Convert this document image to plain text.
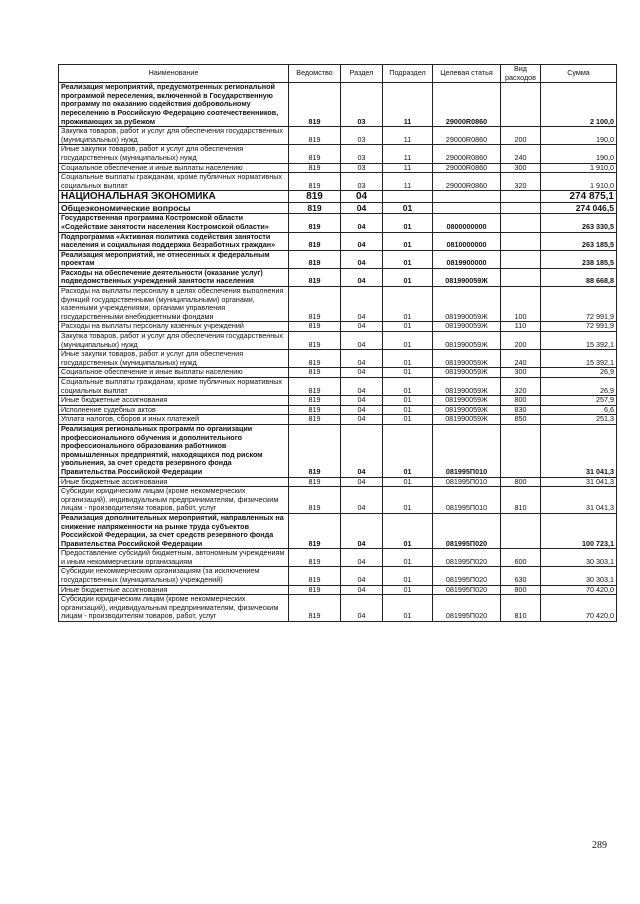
Наименование	Ведомство	Раздел	Подраздел	Целевая статья	Вид расходов	Сумма
Реализация мероприятий, предусмотренных региональной программой переселения, включенной в Государственную программу по оказанию содействия добровольному переселению в Российскую Федерацию соотечественников, проживающих за рубежом	819	03	11	29000R0860		2 100,0
Закупка товаров, работ и услуг для обеспечения государственных (муниципальных) нужд	819	03	11	29000R0860	200	190,0
Иные закупки товаров, работ и услуг для обеспечения государственных (муниципальных) нужд	819	03	11	29000R0860	240	190,0
Социальное обеспечение и иные выплаты населению	819	03	11	29000R0860	300	1 910,0
Социальные выплаты гражданам, кроме публичных нормативных социальных выплат	819	03	11	29000R0860	320	1 910,0
НАЦИОНАЛЬНАЯ ЭКОНОМИКА	819	04				274 875,1
Общеэкономические вопросы	819	04	01			274 046,5
Государственная программа Костромской области «Содействие занятости населения Костромской области»	819	04	01	0800000000		263 330,5
Подпрограмма «Активная политика содействия занятости населения и социальная поддержка безработных граждан»	819	04	01	0810000000		263 185,5
Реализация мероприятий, не отнесенных к федеральным проектам	819	04	01	0819900000		238 185,5
Расходы на обеспечение деятельности (оказание услуг) подведомственных учреждений занятости населения	819	04	01	081990059Ж		88 668,8
Расходы на выплаты персоналу в целях обеспечения выполнения функций государственными (муниципальными) органами, казенными учреждениями, органами управления государственными внебюджетными фондами	819	04	01	081990059Ж	100	72 991,9
Расходы на выплаты персоналу казенных учреждений	819	04	01	081990059Ж	110	72 991,9
Закупка товаров, работ и услуг для обеспечения государственных (муниципальных) нужд	819	04	01	081990059Ж	200	15 392,1
Иные закупки товаров, работ и услуг для обеспечения государственных (муниципальных) нужд	819	04	01	081990059Ж	240	15 392,1
Социальное обеспечение и иные выплаты населению	819	04	01	081990059Ж	300	26,9
Социальные выплаты гражданам, кроме публичных нормативных социальных выплат	819	04	01	081990059Ж	320	26,9
Иные бюджетные ассигнования	819	04	01	081990059Ж	800	257,9
Исполнение судебных актов	819	04	01	081990059Ж	830	6,6
Уплата налогов, сборов и иных платежей	819	04	01	081990059Ж	850	251,3
Реализация региональных программ по организации профессионального обучения и дополнительного профессионального образования работников промышленных предприятий, находящихся под риском увольнения, за счет средств резервного фонда Правительства Российской Федерации	819	04	01	081995П010		31 041,3
Иные бюджетные ассигнования	819	04	01	081995П010	800	31 041,3
Субсидии юридическим лицам (кроме некоммерческих организаций), индивидуальным предпринимателям, физическим лицам - производителям товаров, работ, услуг	819	04	01	081995П010	810	31 041,3
Реализация дополнительных мероприятий, направленных на снижение напряженности на рынке труда субъектов Российской Федерации, за счет средств резервного фонда Правительства Российской Федерации	819	04	01	081995П020		100 723,1
Предоставление субсидий бюджетным, автономным учреждениям и иным некоммерческим организациям	819	04	01	081995П020	600	30 303,1
Субсидии некоммерческим организациям (за исключением государственных (муниципальных) учреждений)	819	04	01	081995П020	630	30 303,1
Иные бюджетные ассигнования	819	04	01	081995П020	800	70 420,0
Субсидии юридическим лицам (кроме некоммерческих организаций), индивидуальным предпринимателям, физическим лицам - производителям товаров, работ, услуг	819	04	01	081995П020	810	70 420,0
289
